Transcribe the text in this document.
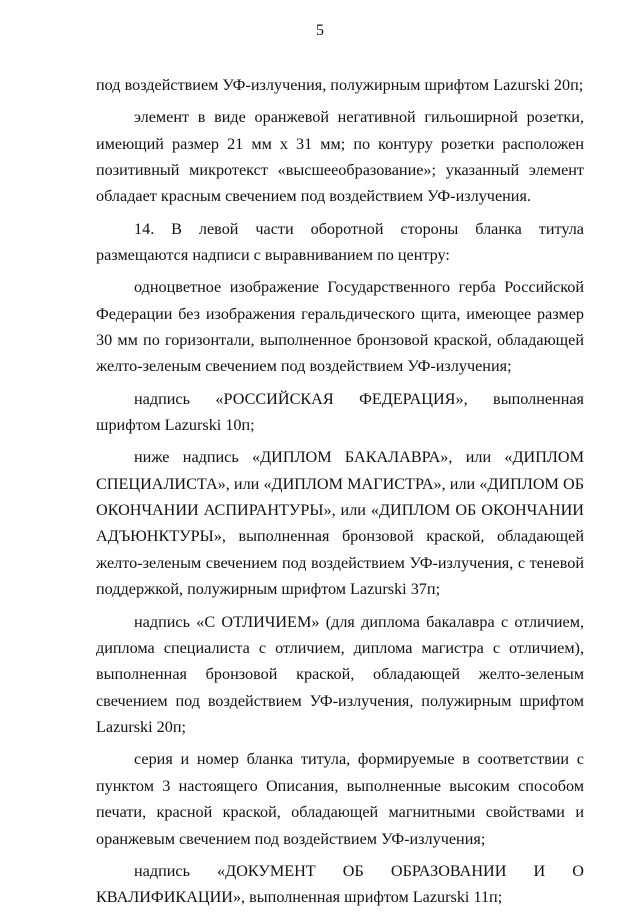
5

под воздействием УФ-излучения, полужирным шрифтом Lazurski 20п;

элемент в виде оранжевой негативной гильоширной розетки, имеющий размер 21 мм х 31 мм; по контуру розетки расположен позитивный микротекст «высшееобразование»; указанный элемент обладает красным свечением под воздействием УФ-излучения.

14. В левой части оборотной стороны бланка титула размещаются надписи с выравниванием по центру:

одноцветное изображение Государственного герба Российской Федерации без изображения геральдического щита, имеющее размер 30 мм по горизонтали, выполненное бронзовой краской, обладающей желто-зеленым свечением под воздействием УФ-излучения;

надпись «РОССИЙСКАЯ ФЕДЕРАЦИЯ», выполненная шрифтом Lazurski 10п;

ниже надпись «ДИПЛОМ БАКАЛАВРА», или «ДИПЛОМ СПЕЦИАЛИСТА», или «ДИПЛОМ МАГИСТРА», или «ДИПЛОМ ОБ ОКОНЧАНИИ АСПИРАНТУРЫ», или «ДИПЛОМ ОБ ОКОНЧАНИИ АДЪЮНКТУРЫ», выполненная бронзовой краской, обладающей желто-зеленым свечением под воздействием УФ-излучения, с теневой поддержкой, полужирным шрифтом Lazurski 37п;

надпись «С ОТЛИЧИЕМ» (для диплома бакалавра с отличием, диплома специалиста с отличием, диплома магистра с отличием), выполненная бронзовой краской, обладающей желто-зеленым свечением под воздействием УФ-излучения, полужирным шрифтом Lazurski 20п;

серия и номер бланка титула, формируемые в соответствии с пунктом 3 настоящего Описания, выполненные высоким способом печати, красной краской, обладающей магнитными свойствами и оранжевым свечением под воздействием УФ-излучения;

надпись «ДОКУМЕНТ ОБ ОБРАЗОВАНИИ И О КВАЛИФИКАЦИИ», выполненная шрифтом Lazurski 11п;
